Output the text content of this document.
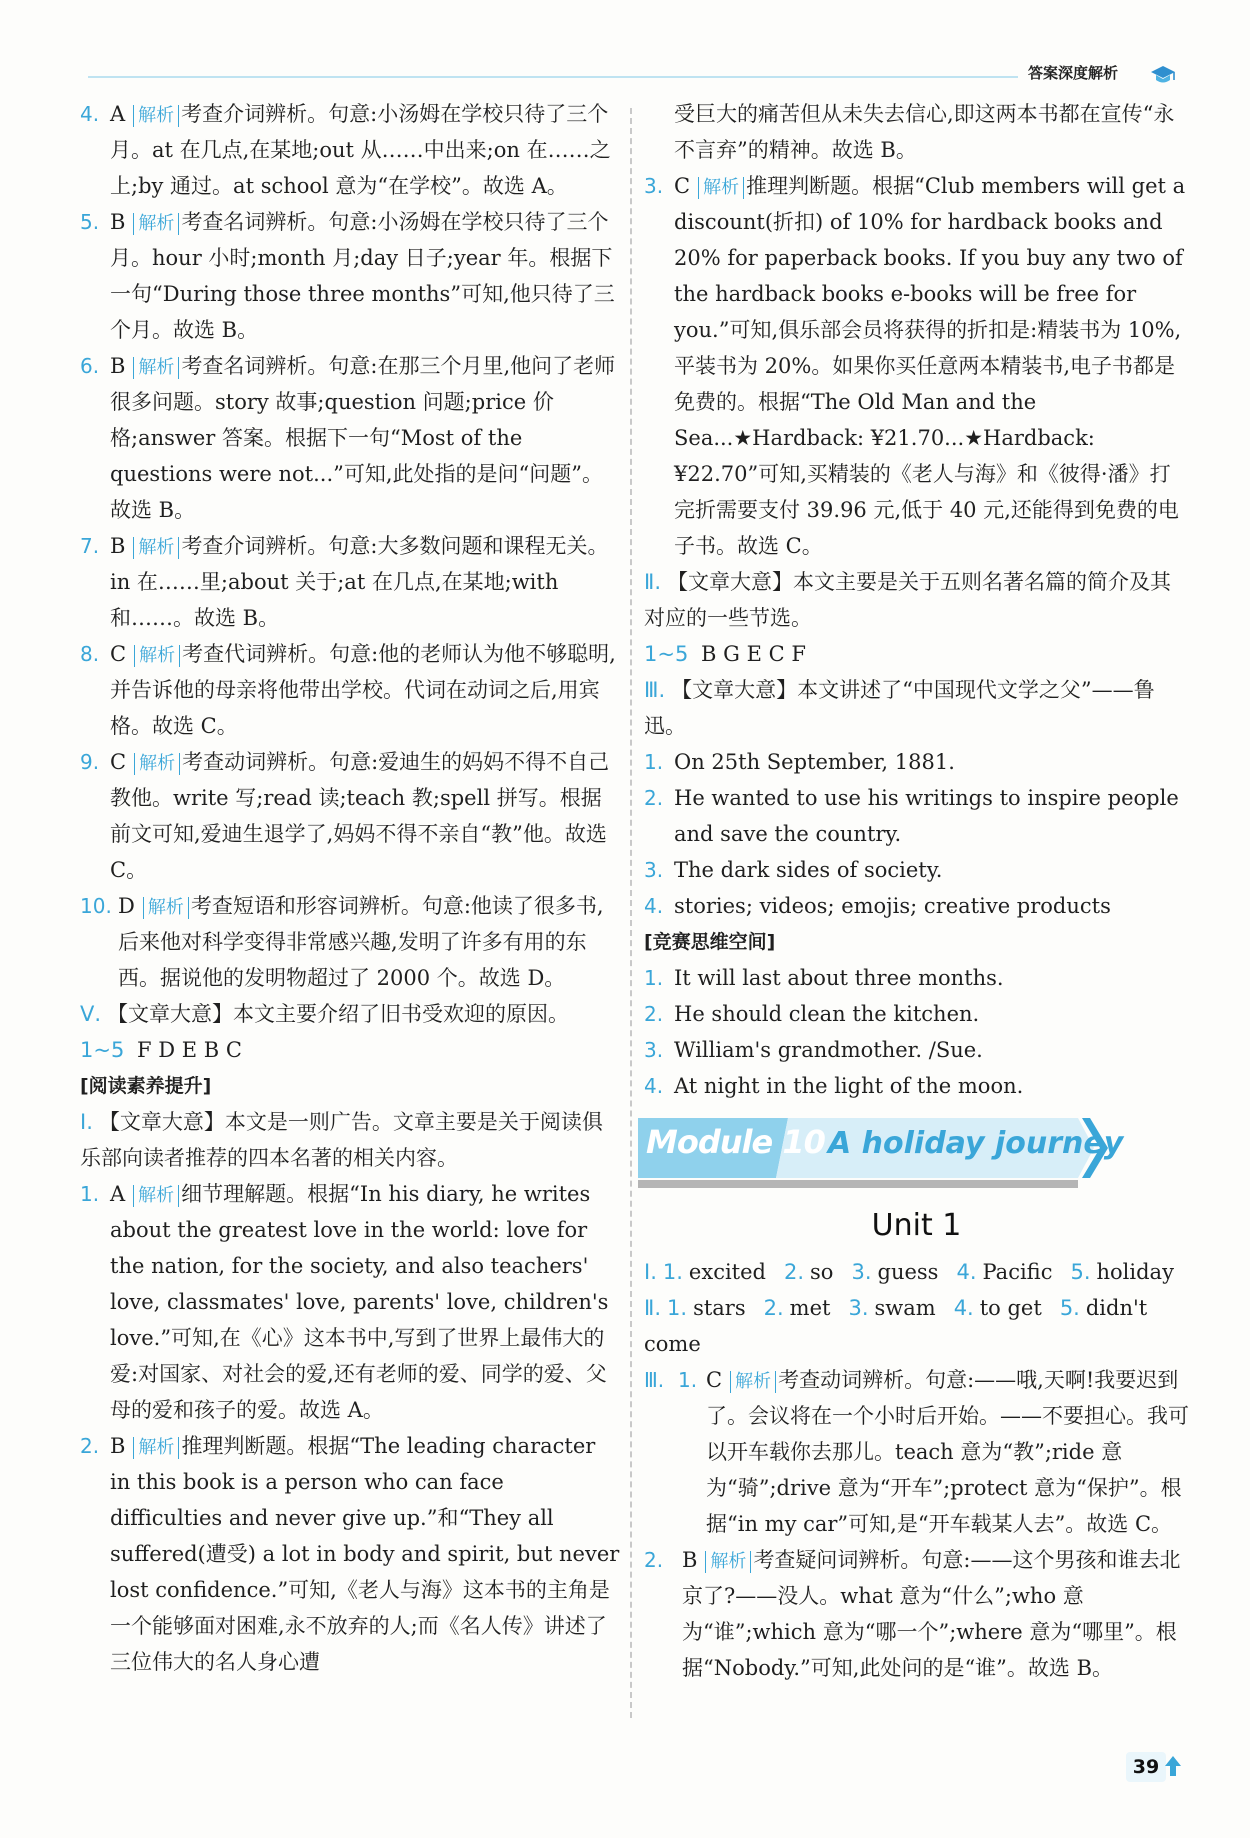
答案深度解析
4. A 解析 考查介词辨析。句意:小汤姆在学校只待了三个月。at 在几点,在某地;out 从……中出来;on 在……之上;by 通过。at school 意为“在学校”。故选 A。
5. B 解析 考查名词辨析。句意:小汤姆在学校只待了三个月。hour 小时;month 月;day 日子;year 年。根据下一句“During those three months”可知,他只待了三个月。故选 B。
6. B 解析 考查名词辨析。句意:在那三个月里,他问了老师很多问题。story 故事;question 问题;price 价格;answer 答案。根据下一句“Most of the questions were not...”可知,此处指的是问“问题”。故选 B。
7. B 解析 考查介词辨析。句意:大多数问题和课程无关。in 在……里;about 关于;at 在几点,在某地;with 和……。故选 B。
8. C 解析 考查代词辨析。句意:他的老师认为他不够聪明,并告诉他的母亲将他带出学校。代词在动词之后,用宾格。故选 C。
9. C 解析 考查动词辨析。句意:爱迪生的妈妈不得不自己教他。write 写;read 读;teach 教;spell 拼写。根据前文可知,爱迪生退学了,妈妈不得不亲自“教”他。故选 C。
10. D 解析 考查短语和形容词辨析。句意:他读了很多书,后来他对科学变得非常感兴趣,发明了许多有用的东西。据说他的发明物超过了 2000 个。故选 D。
Ⅴ. 【文章大意】本文主要介绍了旧书受欢迎的原因。
1~5 F D E B C
[阅读素养提升]
Ⅰ. 【文章大意】本文是一则广告。文章主要是关于阅读俱乐部向读者推荐的四本名著的相关内容。
1. A 解析 细节理解题。根据“In his diary, he writes about the greatest love in the world: love for the nation, for the society, and also teachers' love, classmates' love, parents' love, children's love.”可知,在《心》这本书中,写到了世界上最伟大的爱:对国家、对社会的爱,还有老师的爱、同学的爱、父母的爱和孩子的爱。故选 A。
2. B 解析 推理判断题。根据“The leading character in this book is a person who can face difficulties and never give up.”和“They all suffered(遭受) a lot in body and spirit, but never lost confidence.”可知,《老人与海》这本书的主角是一个能够面对困难,永不放弃的人;而《名人传》讲述了三位伟大的名人身心遭
受巨大的痛苦但从未失去信心,即这两本书都在宣传“永不言弃”的精神。故选 B。
3. C 解析 推理判断题。根据“Club members will get a discount(折扣) of 10% for hardback books and 20% for paperback books. If you buy any two of the hardback books e-books will be free for you.”可知,俱乐部会员将获得的折扣是:精装书为 10%,平装书为 20%。如果你买任意两本精装书,电子书都是免费的。根据“The Old Man and the Sea...★Hardback: ¥21.70...★Hardback: ¥22.70”可知,买精装的《老人与海》和《彼得·潘》打完折需要支付 39.96 元,低于 40 元,还能得到免费的电子书。故选 C。
Ⅱ. 【文章大意】本文主要是关于五则名著名篇的简介及其对应的一些节选。
1~5 B G E C F
Ⅲ. 【文章大意】本文讲述了“中国现代文学之父”——鲁迅。
1. On 25th September, 1881.
2. He wanted to use his writings to inspire people and save the country.
3. The dark sides of society.
4. stories; videos; emojis; creative products
[竞赛思维空间]
1. It will last about three months.
2. He should clean the kitchen.
3. William's grandmother. /Sue.
4. At night in the light of the moon.
Module 10 A holiday journey
Unit 1
Ⅰ. 1. excited 2. so 3. guess 4. Pacific 5. holiday
Ⅱ. 1. stars 2. met 3. swam 4. to get 5. didn't come
Ⅲ. 1. C 解析 考查动词辨析。句意:——哦,天啊!我要迟到了。会议将在一个小时后开始。——不要担心。我可以开车载你去那儿。teach 意为“教”;ride 意为“骑”;drive 意为“开车”;protect 意为“保护”。根据“in my car”可知,是“开车载某人去”。故选 C。
2. B 解析 考查疑问词辨析。句意:——这个男孩和谁去北京了?——没人。what 意为“什么”;who 意为“谁”;which 意为“哪一个”;where 意为“哪里”。根据“Nobody.”可知,此处问的是“谁”。故选 B。
39
